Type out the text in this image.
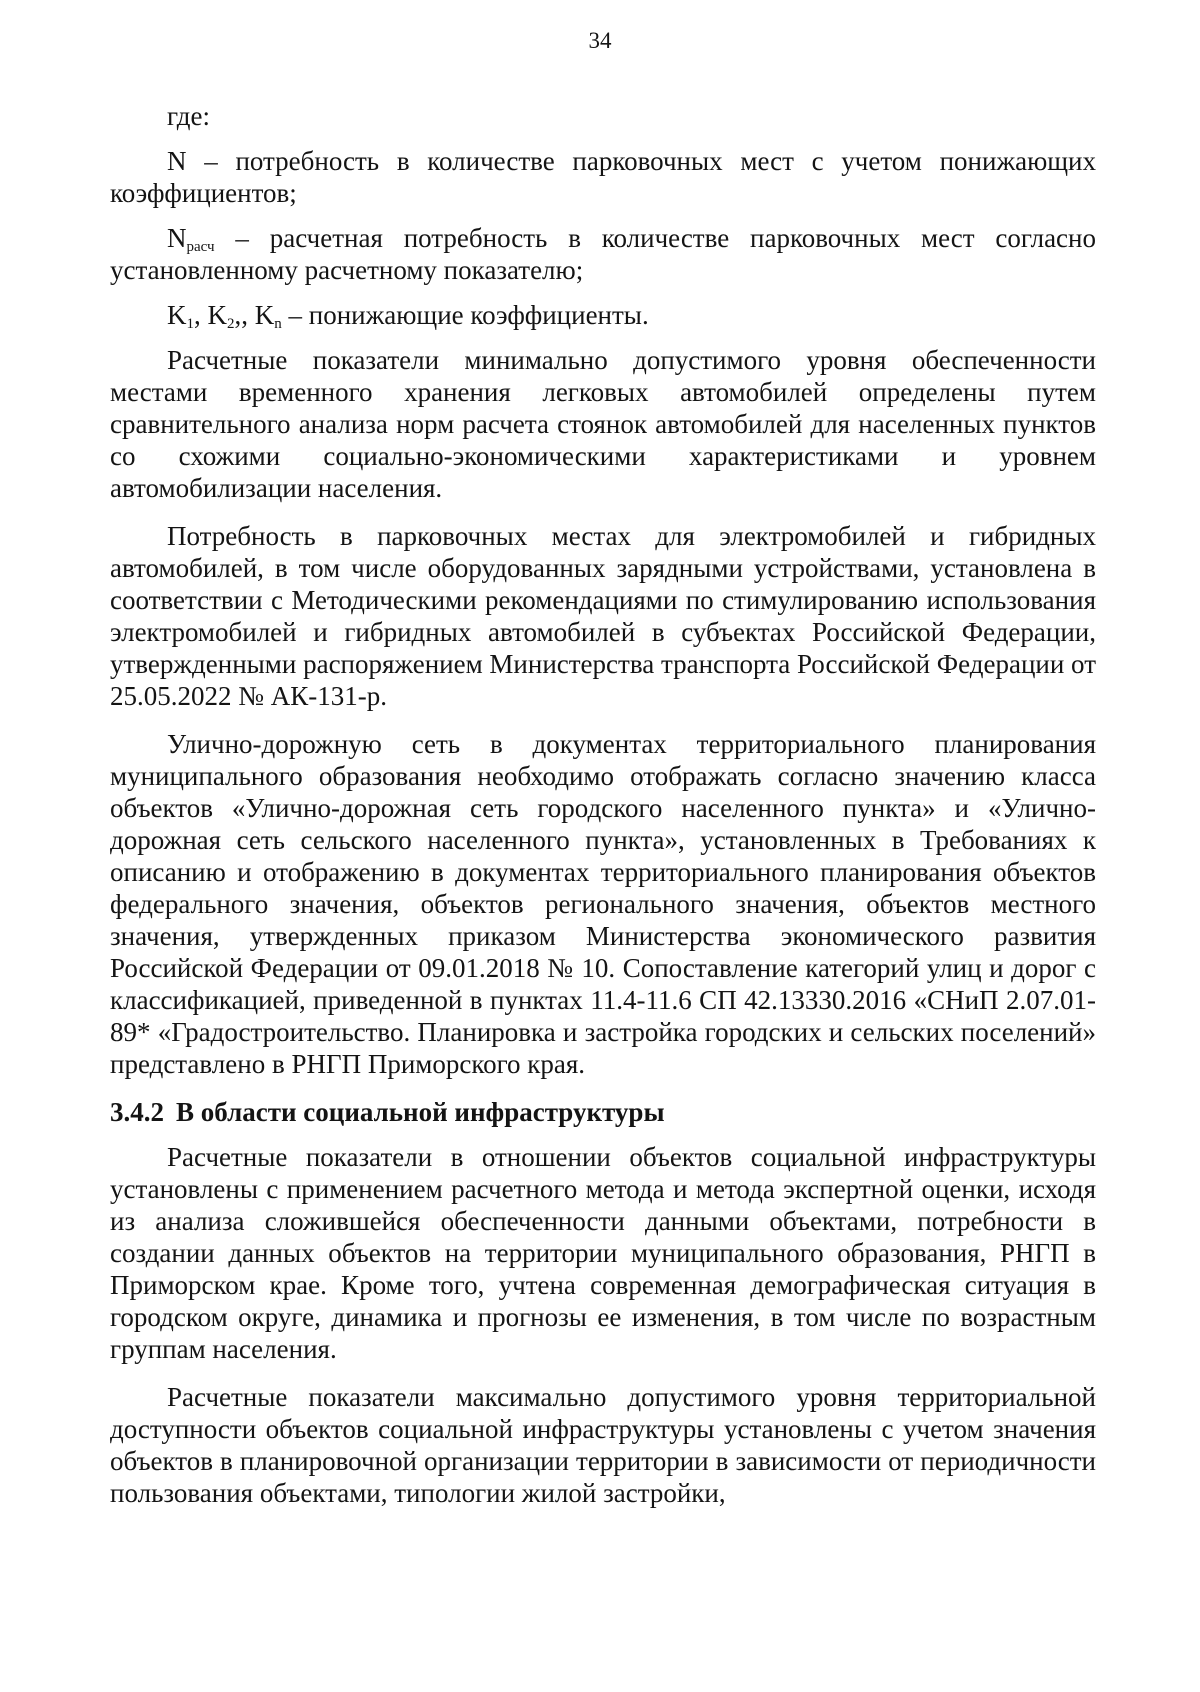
34

где:

N – потребность в количестве парковочных мест с учетом понижающих коэффициентов;

$N_{расч}$ – расчетная потребность в количестве парковочных мест согласно установленному расчетному показателю;

$K_1$, $K_2$,, $K_n$ – понижающие коэффициенты.

Расчетные показатели минимально допустимого уровня обеспеченности местами временного хранения легковых автомобилей определены путем сравнительного анализа норм расчета стоянок автомобилей для населенных пунктов со схожими социально-экономическими характеристиками и уровнем автомобилизации населения.

Потребность в парковочных местах для электромобилей и гибридных автомобилей, в том числе оборудованных зарядными устройствами, установлена в соответствии с Методическими рекомендациями по стимулированию использования электромобилей и гибридных автомобилей в субъектах Российской Федерации, утвержденными распоряжением Министерства транспорта Российской Федерации от 25.05.2022 № АК-131-р.

Улично-дорожную сеть в документах территориального планирования муниципального образования необходимо отображать согласно значению класса объектов «Улично-дорожная сеть городского населенного пункта» и «Улично-дорожная сеть сельского населенного пункта», установленных в Требованиях к описанию и отображению в документах территориального планирования объектов федерального значения, объектов регионального значения, объектов местного значения, утвержденных приказом Министерства экономического развития Российской Федерации от 09.01.2018 № 10. Сопоставление категорий улиц и дорог с классификацией, приведенной в пунктах 11.4-11.6 СП 42.13330.2016 «СНиП 2.07.01-89* «Градостроительство. Планировка и застройка городских и сельских поселений» представлено в РНГП Приморского края.

3.4.2 В области социальной инфраструктуры

Расчетные показатели в отношении объектов социальной инфраструктуры установлены с применением расчетного метода и метода экспертной оценки, исходя из анализа сложившейся обеспеченности данными объектами, потребности в создании данных объектов на территории муниципального образования, РНГП в Приморском крае. Кроме того, учтена современная демографическая ситуация в городском округе, динамика и прогнозы ее изменения, в том числе по возрастным группам населения.

Расчетные показатели максимально допустимого уровня территориальной доступности объектов социальной инфраструктуры установлены с учетом значения объектов в планировочной организации территории в зависимости от периодичности пользования объектами, типологии жилой застройки,
